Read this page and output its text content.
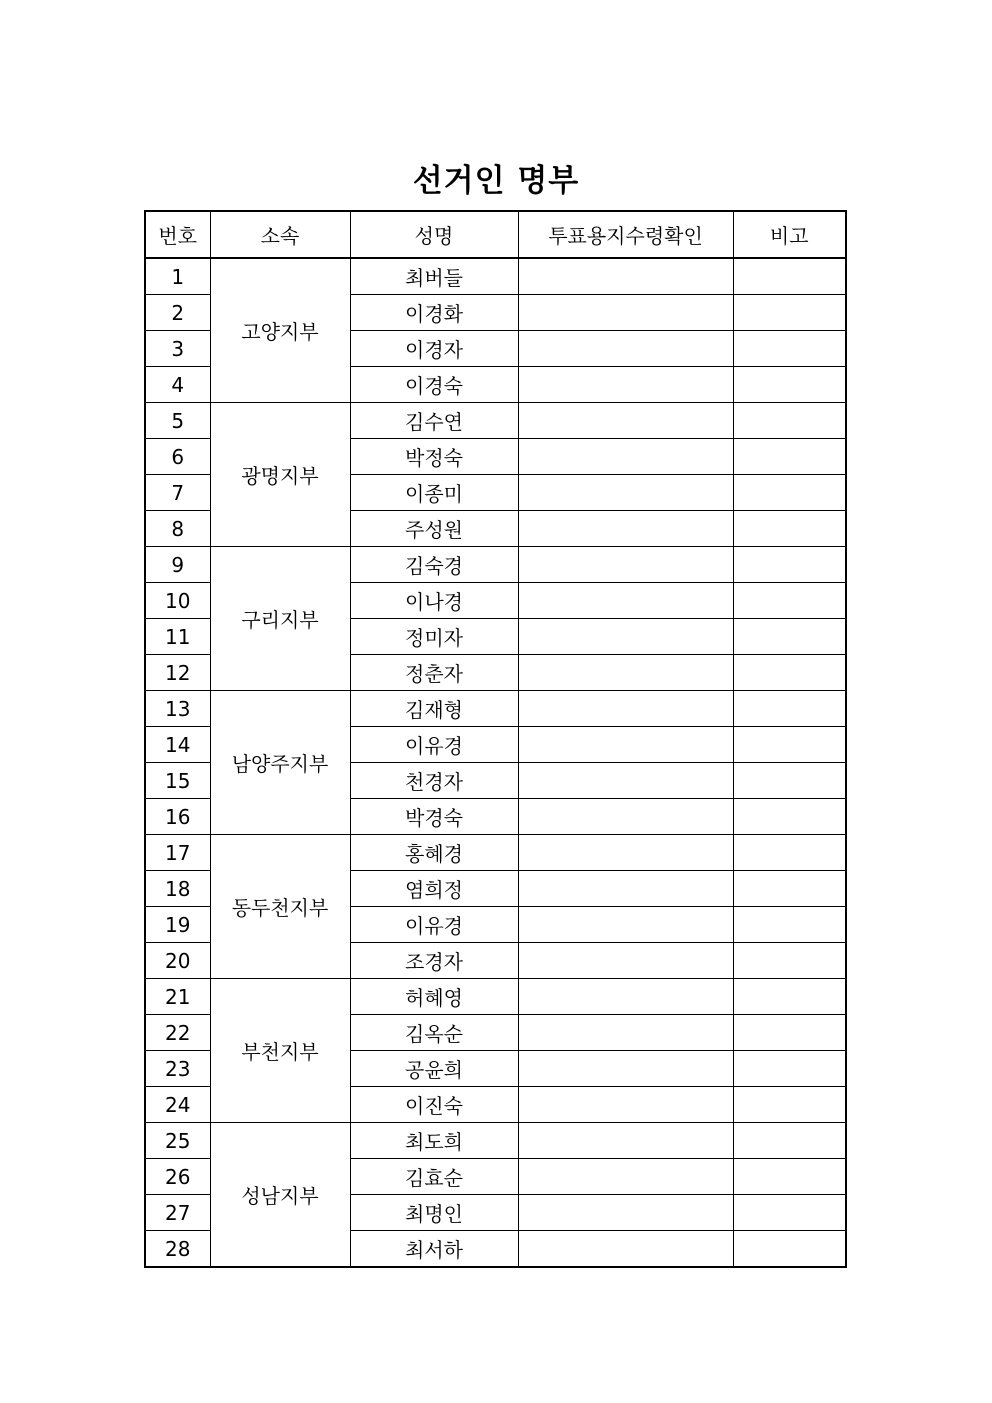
선거인 명부
번호	소속	성명	투표용지수령확인	비고
1	고양지부	최버들		
2		이경화		
3		이경자		
4		이경숙		
5	광명지부	김수연		
6		박정숙		
7		이종미		
8		주성원		
9	구리지부	김숙경		
10		이나경		
11		정미자		
12		정춘자		
13	남양주지부	김재형		
14		이유경		
15		천경자		
16		박경숙		
17	동두천지부	홍혜경		
18		염희정		
19		이유경		
20		조경자		
21	부천지부	허혜영		
22		김옥순		
23		공윤희		
24		이진숙		
25	성남지부	최도희		
26		김효순		
27		최명인		
28		최서하		
